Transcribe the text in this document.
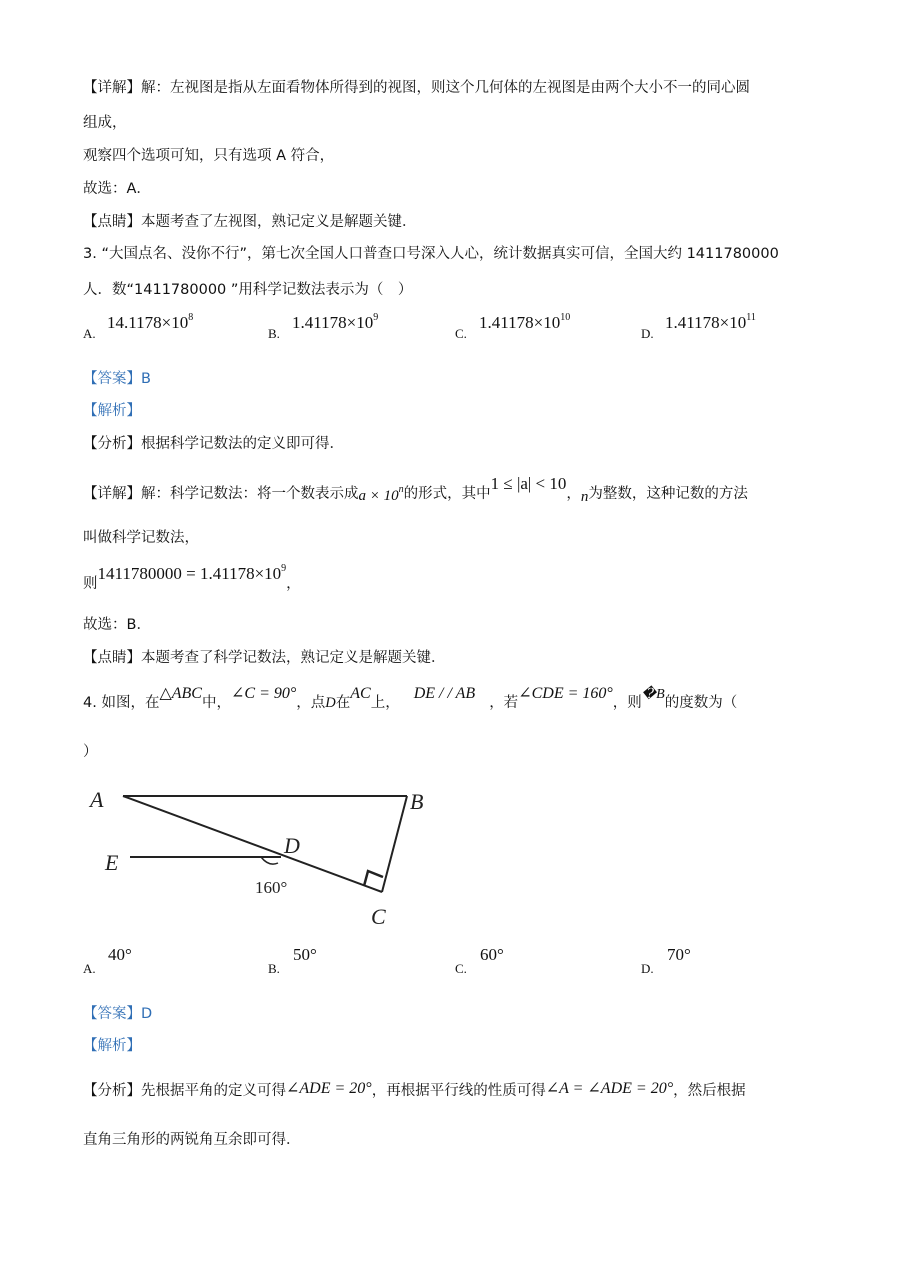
【详解】解：左视图是指从左面看物体所得到的视图，则这个几何体的左视图是由两个大小不一的同心圆
组成，
观察四个选项可知，只有选项 A 符合，
故选：A．
【点睛】本题考查了左视图，熟记定义是解题关键．
3. “大国点名、没你不行”，第七次全国人口普查口号深入人心，统计数据真实可信，全国大约 1411780000
人．数“1411780000 ”用科学记数法表示为（　）
A.
$14.1178\times 10^8$
B.
$1.41178\times 10^9$
C.
$1.41178\times 10^{10}$
D.
$1.41178\times 10^{11}$
【答案】B
【解析】
【分析】根据科学记数法的定义即可得．
【详解】解：科学记数法：将一个数表示成$a \times 10^n$的形式，其中1 ≤ |a| < 10，n为整数，这种记数的方法
叫做科学记数法，
则$1411780000 = 1.41178\times 10^9$，
故选：B．
【点睛】本题考查了科学记数法，熟记定义是解题关键．
4. 如图，在△ABC中，∠C = 90°，点D在AC上，DE / / AB，若∠CDE = 160°，则�B的度数为（
）
A	B
D
E
C
160°
A.
40°
B.
50°
C.
60°
D.
70°
【答案】D
【解析】
【分析】先根据平角的定义可得∠ADE = 20°，再根据平行线的性质可得∠A = ∠ADE = 20°，然后根据
直角三角形的两锐角互余即可得．
